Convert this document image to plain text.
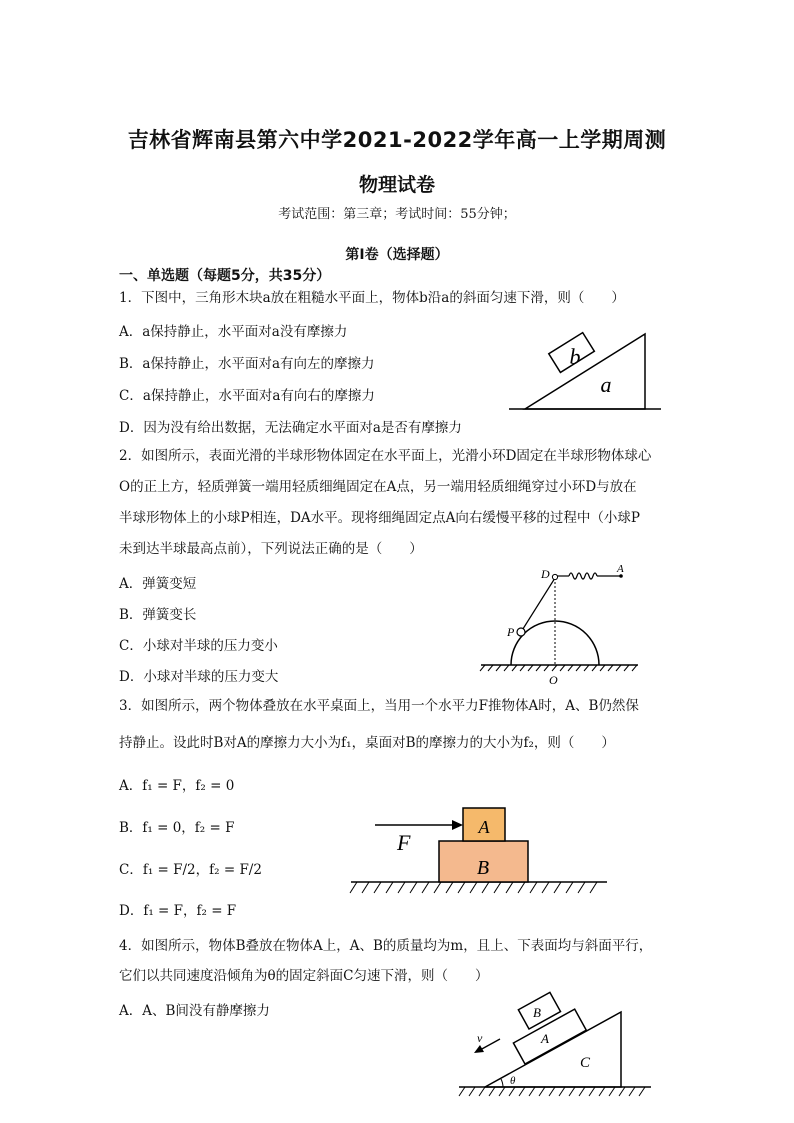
吉林省辉南县第六中学2021-2022学年高一上学期周测
物理试卷
考试范围：第三章；考试时间：55分钟；
第I卷（选择题）
一、单选题（每题5分，共35分）
1．下图中，三角形木块a放在粗糙水平面上，物体b沿a的斜面匀速下滑，则（　　）
A．a保持静止，水平面对a没有摩擦力
B．a保持静止，水平面对a有向左的摩擦力
C．a保持静止，水平面对a有向右的摩擦力
D．因为没有给出数据，无法确定水平面对a是否有摩擦力
b
a
2．如图所示，表面光滑的半球形物体固定在水平面上，光滑小环D固定在半球形物体球心
O的正上方，轻质弹簧一端用轻质细绳固定在A点，另一端用轻质细绳穿过小环D与放在
半球形物体上的小球P相连，DA水平。现将细绳固定点A向右缓慢平移的过程中（小球P
未到达半球最高点前），下列说法正确的是（　　）
A．弹簧变短
B．弹簧变长
C．小球对半球的压力变小
D．小球对半球的压力变大
D	A
P
O
3．如图所示，两个物体叠放在水平桌面上，当用一个水平力F推物体A时，A、B仍然保
持静止。设此时B对A的摩擦力大小为f₁，桌面对B的摩擦力的大小为f₂，则（　　）
A．f₁ = F，f₂ = 0
B．f₁ = 0，f₂ = F
C．f₁ = F/2，f₂ = F/2
D．f₁ = F，f₂ = F
F
A
B
4．如图所示，物体B叠放在物体A上，A、B的质量均为m，且上、下表面均与斜面平行，
它们以共同速度沿倾角为θ的固定斜面C匀速下滑，则（　　）
A．A、B间没有静摩擦力
v
B
A
C
θ
